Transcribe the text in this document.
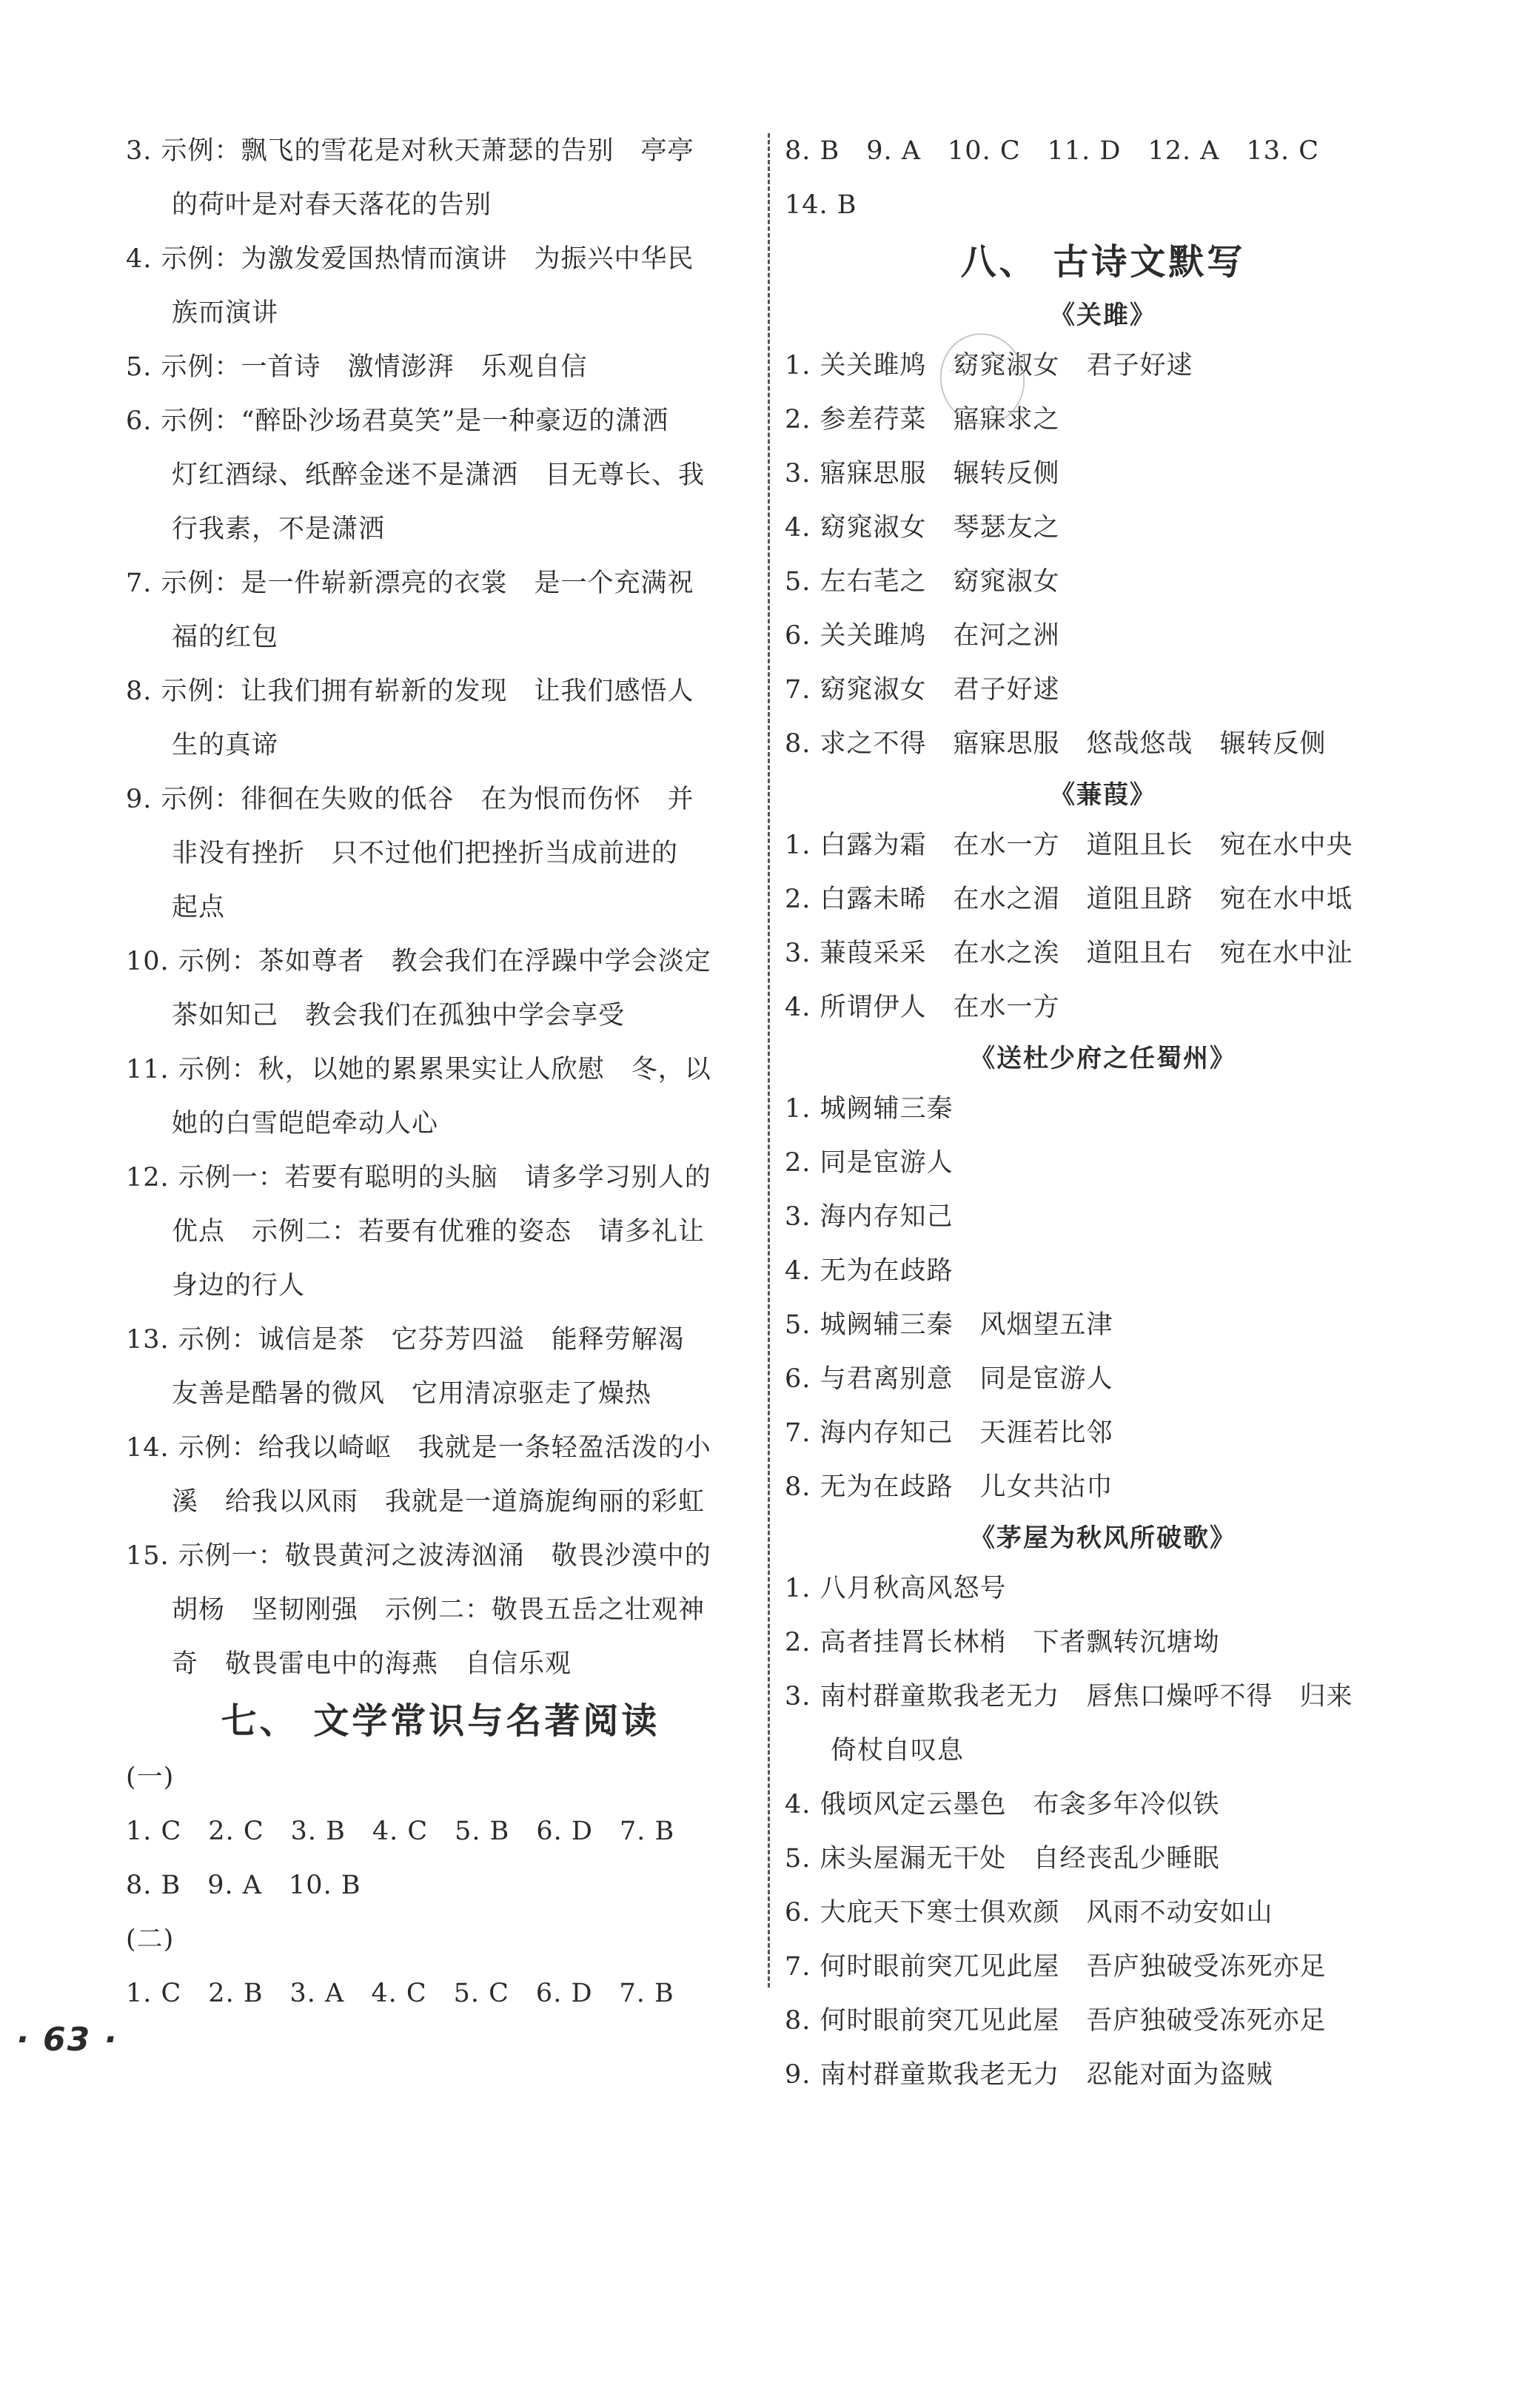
3. 示例：飘飞的雪花是对秋天萧瑟的告别　亭亭
的荷叶是对春天落花的告别
4. 示例：为激发爱国热情而演讲　为振兴中华民
族而演讲
5. 示例：一首诗　激情澎湃　乐观自信
6. 示例：“醉卧沙场君莫笑”是一种豪迈的潇洒
灯红酒绿、纸醉金迷不是潇洒　目无尊长、我
行我素，不是潇洒
7. 示例：是一件崭新漂亮的衣裳　是一个充满祝
福的红包
8. 示例：让我们拥有崭新的发现　让我们感悟人
生的真谛
9. 示例：徘徊在失败的低谷　在为恨而伤怀　并
非没有挫折　只不过他们把挫折当成前进的
起点
10. 示例：茶如尊者　教会我们在浮躁中学会淡定
茶如知己　教会我们在孤独中学会享受
11. 示例：秋，以她的累累果实让人欣慰　冬，以
她的白雪皑皑牵动人心
12. 示例一：若要有聪明的头脑　请多学习别人的
优点　示例二：若要有优雅的姿态　请多礼让
身边的行人
13. 示例：诚信是茶　它芬芳四溢　能释劳解渴
友善是酷暑的微风　它用清凉驱走了燥热
14. 示例：给我以崎岖　我就是一条轻盈活泼的小
溪　给我以风雨　我就是一道旖旎绚丽的彩虹
15. 示例一：敬畏黄河之波涛汹涌　敬畏沙漠中的
胡杨　坚韧刚强　示例二：敬畏五岳之壮观神
奇　敬畏雷电中的海燕　自信乐观
七、 文学常识与名著阅读
(一)
1. C　2. C　3. B　4. C　5. B　6. D　7. B
8. B　9. A　10. B
(二)
1. C　2. B　3. A　4. C　5. C　6. D　7. B
8. B　9. A　10. C　11. D　12. A　13. C
14. B
八、 古诗文默写
《关雎》
1. 关关雎鸠　窈窕淑女　君子好逑
2. 参差荇菜　寤寐求之
3. 寤寐思服　辗转反侧
4. 窈窕淑女　琴瑟友之
5. 左右芼之　窈窕淑女
6. 关关雎鸠　在河之洲
7. 窈窕淑女　君子好逑
8. 求之不得　寤寐思服　悠哉悠哉　辗转反侧
《蒹葭》
1. 白露为霜　在水一方　道阻且长　宛在水中央
2. 白露未晞　在水之湄　道阻且跻　宛在水中坻
3. 蒹葭采采　在水之涘　道阻且右　宛在水中沚
4. 所谓伊人　在水一方
《送杜少府之任蜀州》
1. 城阙辅三秦
2. 同是宦游人
3. 海内存知己
4. 无为在歧路
5. 城阙辅三秦　风烟望五津
6. 与君离别意　同是宦游人
7. 海内存知己　天涯若比邻
8. 无为在歧路　儿女共沾巾
《茅屋为秋风所破歌》
1. 八月秋高风怒号
2. 高者挂罥长林梢　下者飘转沉塘坳
3. 南村群童欺我老无力　唇焦口燥呼不得　归来
倚杖自叹息
4. 俄顷风定云墨色　布衾多年冷似铁
5. 床头屋漏无干处　自经丧乱少睡眠
6. 大庇天下寒士俱欢颜　风雨不动安如山
7. 何时眼前突兀见此屋　吾庐独破受冻死亦足
8. 何时眼前突兀见此屋　吾庐独破受冻死亦足
9. 南村群童欺我老无力　忍能对面为盗贼
· 63 ·
